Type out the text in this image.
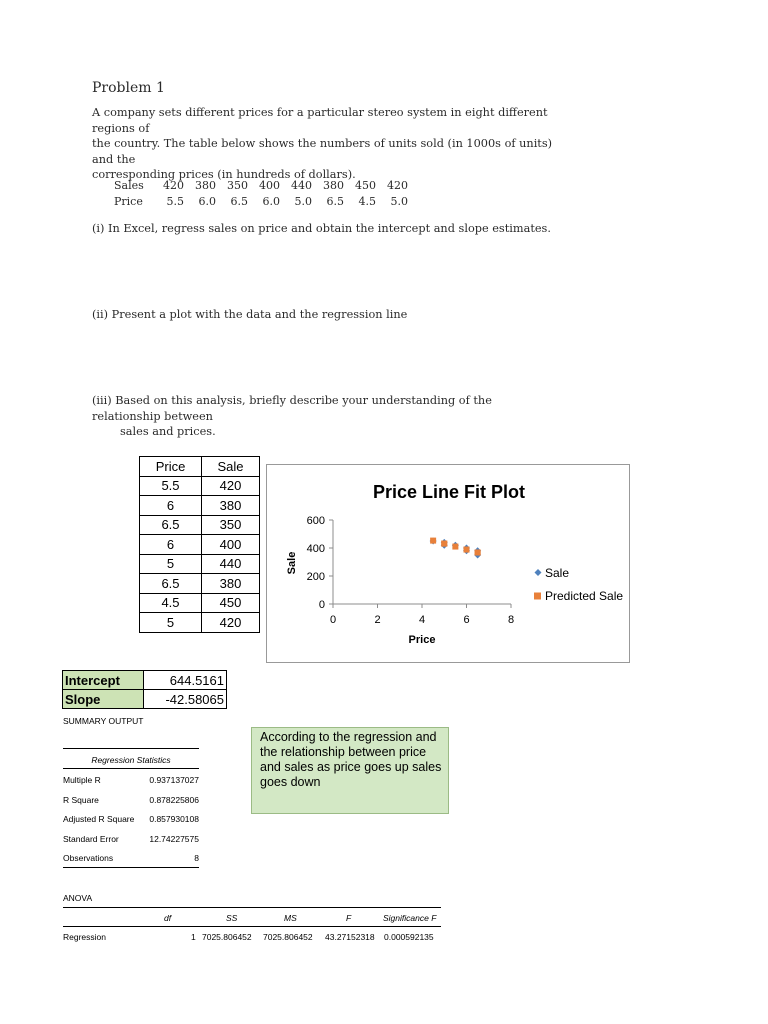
Problem 1
A company sets different prices for a particular stereo system in eight different regions of
the country. The table below shows the numbers of units sold (in 1000s of units) and the
corresponding prices (in hundreds of dollars).
Sales	420	380	350	400	440	380	450	420
Price	5.5	6.0	6.5	6.0	5.0	6.5	4.5	5.0
(i) In Excel, regress sales on price and obtain the intercept and slope estimates.
(ii) Present a plot with the data and the regression line
(iii) Based on this analysis, briefly describe your understanding of the relationship between
sales and prices.
Price	Sale
5.5	420
6	380
6.5	350
6	400
5	440
6.5	380
4.5	450
5	420
Price Line Fit Plot
0
200
400
600
0	2	4	6	8
Price
Sale	Sale
Predicted Sale
Intercept	644.5161
Slope	-42.58065
SUMMARY OUTPUT
Regression Statistics
Multiple R	0.937137027
R Square	0.878225806
Adjusted R Square 0.857930108
Standard Error	12.74227575
Observations	8
According to the regression and
the relationship between price
and sales as price goes up sales
goes down
ANOVA
df	SS	MS	F	Significance F
Regression	1 7025.806452 7025.806452 43.27152318 0.000592135
